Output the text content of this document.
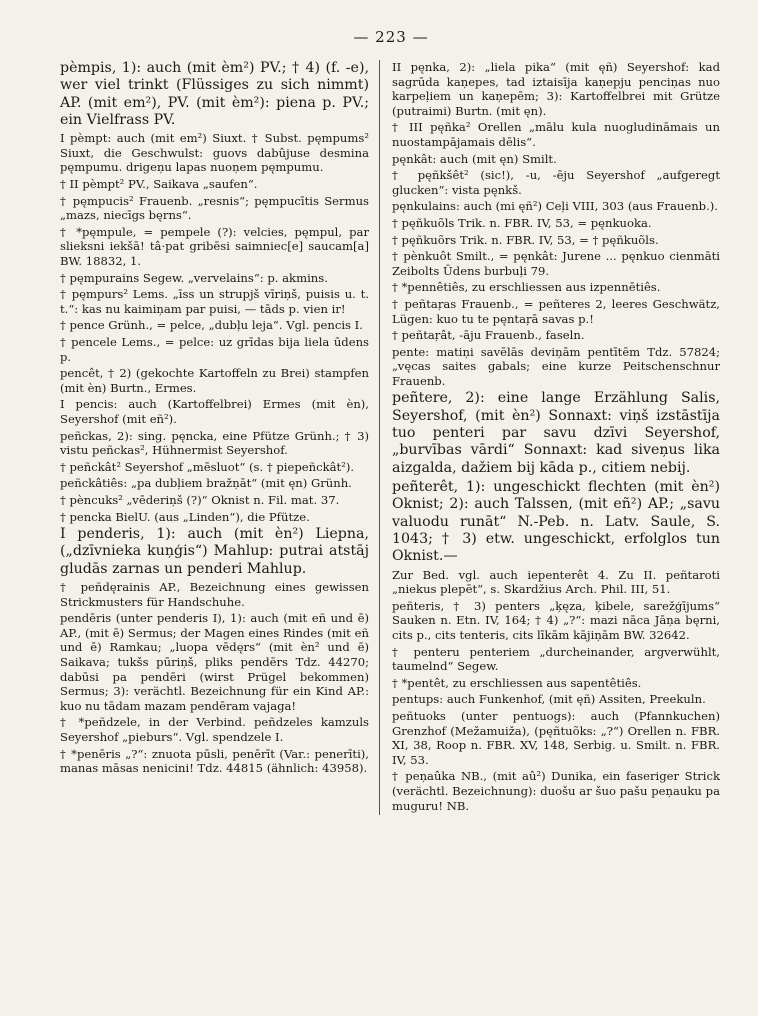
— 223 —
pèmpis, 1): auch (mit èm²) PV.; † 4) (f. -e), wer viel trinkt (Flüssiges zu sich nimmt) AP. (mit em²), PV. (mit èm²): piena p. PV.; ein Vielfrass PV.
I pèmpt: auch (mit em²) Siuxt. † Subst. pęmpums² Siuxt, die Geschwulst: guovs dabûjuse desmina pęmpumu. drigeņu lapas nuoņem pęmpumu.
† II pèmpt² PV., Saikava „saufen“.
† pęmpucis² Frauenb. „resnis“; pęmpucītis Sermus „mazs, niecīgs bęrns“.
† *pęmpule, = pempele (?): velcies, pęmpul, par slieksni iekšā! tâ·pat gribēsi saimniec[e] saucam[a] BW. 18832, 1.
† pęmpurains Segew. „vervelains“: p. akmins.
† pęmpurs² Lems. „īss un strupjš vīriņš, puisis u. t. t.“: kas nu kaimiņam par puisi, — tāds p. vien ir!
† pence Grünh., = pelce, „dubļu leja“. Vgl. pencis I.
† pencele Lems., = pelce: uz grīdas bija liela ūdens p.
pencêt, † 2) (gekochte Kartoffeln zu Brei) stampfen (mit èn) Burtn., Ermes.
I pencis: auch (Kartoffelbrei) Ermes (mit èn), Seyershof (mit eñ²).
peñckas, 2): sing. pęncka, eine Pfütze Grünh.; † 3) vistu peñckas², Hühnermist Seyershof.
† peñckât² Seyershof „mēsluot“ (s. † piepeñckât²).
peñckâtiês: „pa dubļiem bražņāt“ (mit ęn) Grünh.
† pèncuks² „vēderiņš (?)“ Oknist n. Fil. mat. 37.
† pencka BielU. (aus „Linden“), die Pfütze.
I penderis, 1): auch (mit èn²) Liepna, („dzīvnieka kuņģis“) Mahlup: putrai atstāj gludās zarnas un penderi Mahlup.
† peñdęrainis AP., Bezeichnung eines gewissen Strickmusters für Handschuhe.
pendēris (unter penderis I), 1): auch (mit eñ und ē) AP., (mit ē) Sermus; der Magen eines Rindes (mit eñ und ē) Ramkau; „luopa vēdęrs“ (mit èn² und ē) Saikava; tukšs pūriņš, pliks pendērs Tdz. 44270; dabūsi pa pendēri (wirst Prügel bekommen) Sermus; 3): verächtl. Bezeichnung für ein Kind AP.: kuo nu tādam mazam pendēram vajaga!
† *peñdzele, in der Verbind. peñdzeles kamzuls Seyershof „pieburs“. Vgl. spendzele I.
† *penēris „?“: znuota pūsli, penērīt (Var.: penerīti), manas māsas nenicini! Tdz. 44815 (ähnlich: 43958).
II pęnka, 2): „liela pika“ (mit ęñ) Seyershof: kad sagrūda kaņepes, tad iztaisīja kaņepju penciņas nuo karpeļiem un kaņepēm; 3): Kartoffelbrei mit Grütze (putraimi) Burtn. (mit ęn).
† III pęñka² Orellen „mālu kula nuogludināmais un nuostampājamais dēlis“.
pęnkât: auch (mit ęn) Smilt.
† pęñkšêt² (sic!), -u, -ēju Seyershof „aufgeregt glucken“: vista pęnkš.
pęnkulains: auch (mi ęñ²) Ceļi VIII, 303 (aus Frauenb.).
† pęñkuõls Trik. n. FBR. IV, 53, = pęnkuoka.
† pęñkuõrs Trik. n. FBR. IV, 53, = † pęñkuõls.
† pènkuôt Smilt., = pęnkât: Jurene ... pęnkuo cienmāti Zeibolts Ūdens burbuļi 79.
† *pennêtiês, zu erschliessen aus izpennētiês.
† peñtaŗas Frauenb., = peñteres 2, leeres Geschwätz, Lügen: kuo tu te pęntaŗā savas p.!
† peñtaŗât, -āju Frauenb., faseln.
pente: matiņi savēlās deviņām pentītēm Tdz. 57824; „vęcas saites gabals; eine kurze Peitschenschnur Frauenb.
peñtere, 2): eine lange Erzählung Salis, Seyershof, (mit èn²) Sonnaxt: viņš izstāstīja tuo penteri par savu dzīvi Seyershof, „burvības vārdi“ Sonnaxt: kad siveņus lika aizgalda, dažiem bij kāda p., citiem nebij.
peñterêt, 1): ungeschickt flechten (mit èn²) Oknist; 2): auch Talssen, (mit eñ²) AP.; „savu valuodu runāt“ N.-Peb. n. Latv. Saule, S. 1043; † 3) etw. ungeschickt, erfolglos tun Oknist.—
Zur Bed. vgl. auch iepenterêt 4. Zu II. peñtaroti „niekus plepēt“, s. Skardžius Arch. Phil. III, 51.
peñteris, † 3) penters „ķęza, ķibele, sarežģījums“ Sauken n. Etn. IV, 164; † 4) „?“: mazi nāca Jāņa bęrni, cits p., cits tenteris, cits līkām kājiņām BW. 32642.
† penteru penteriem „durcheinander, argverwühlt, taumelnd“ Segew.
† *pentêt, zu erschliessen aus sapentêtiês.
pentups: auch Funkenhof, (mit ęñ) Assiten, Preekuln.
peñtuoks (unter pentuogs): auch (Pfannkuchen) Grenzhof (Mežamuiža), (pęñtuõks: „?“) Orellen n. FBR. XI, 38, Roop n. FBR. XV, 148, Serbig. u. Smilt. n. FBR. IV, 53.
† peņaûka NB., (mit aû²) Dunika, ein faseriger Strick (verächtl. Bezeichnung): duošu ar šuo pašu peņauku pa muguru! NB.
